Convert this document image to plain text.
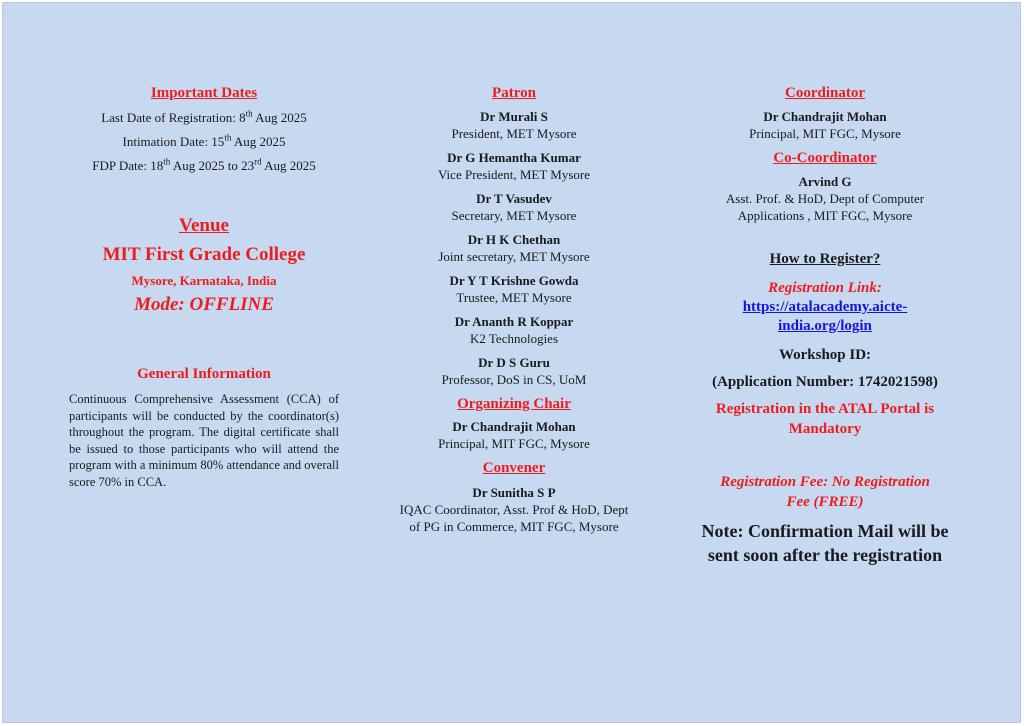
Important Dates
Last Date of Registration: 8th Aug 2025
Intimation Date: 15th Aug 2025
FDP Date: 18th Aug 2025 to 23rd Aug 2025
Venue
MIT First Grade College
Mysore, Karnataka, India
Mode: OFFLINE
General Information
Continuous Comprehensive Assessment (CCA) of participants will be conducted by the coordinator(s) throughout the program. The digital certificate shall be issued to those participants who will attend the program with a minimum 80% attendance and overall score 70% in CCA.
Patron
Dr Murali S
President, MET Mysore
Dr G Hemantha Kumar
Vice President, MET Mysore
Dr T Vasudev
Secretary, MET Mysore
Dr H K Chethan
Joint secretary, MET Mysore
Dr Y T Krishne Gowda
Trustee, MET Mysore
Dr Ananth R Koppar
K2 Technologies
Dr D S Guru
Professor, DoS in CS, UoM
Organizing Chair
Dr Chandrajit Mohan
Principal, MIT FGC, Mysore
Convener
Dr Sunitha S P
IQAC Coordinator, Asst. Prof & HoD, Dept
of PG in Commerce, MIT FGC, Mysore
Coordinator
Dr Chandrajit Mohan
Principal, MIT FGC, Mysore
Co-Coordinator
Arvind G
Asst. Prof. & HoD, Dept of Computer
Applications , MIT FGC, Mysore
How to Register?
Registration Link:
https://atalacademy.aicte-
india.org/login
Workshop ID:
(Application Number: 1742021598)
Registration in the ATAL Portal is
Mandatory
Registration Fee: No Registration
Fee (FREE)
Note: Confirmation Mail will be
sent soon after the registration
